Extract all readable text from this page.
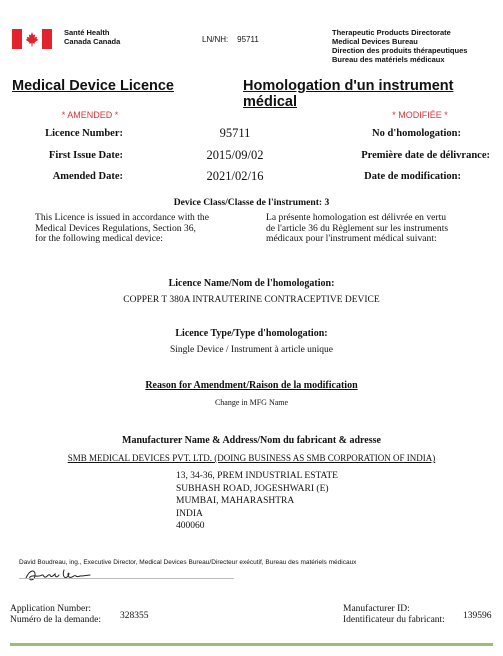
Santé Health
Canada Canada	LN/NH: 95711
Therapeutic Products Directorate
Medical Devices Bureau
Direction des produits thérapeutiques
Bureau des matériels médicaux
Medical Device Licence	Homologation d'un instrument médical
* AMENDED *	* MODIFIÉE *
Licence Number:	95711	No d'homologation:
First Issue Date:	2015/09/02	Première date de délivrance:
Amended Date:	2021/02/16	Date de modification:
Device Class/Classe de l'instrument: 3
This Licence is issued in accordance with the
Medical Devices Regulations, Section 36,
for the following medical device:
La présente homologation est délivrée en vertu
de l'article 36 du Règlement sur les instruments
médicaux pour l'instrument médical suivant:
Licence Name/Nom de l'homologation:
COPPER T 380A INTRAUTERINE CONTRACEPTIVE DEVICE
Licence Type/Type d'homologation:
Single Device / Instrument à article unique
Reason for Amendment/Raison de la modification
Change in MFG Name
Manufacturer Name & Address/Nom du fabricant & adresse
SMB MEDICAL DEVICES PVT. LTD. (DOING BUSINESS AS SMB CORPORATION OF INDIA)
13, 34-36, PREM INDUSTRIAL ESTATE
SUBHASH ROAD, JOGESHWARI (E)
MUMBAI, MAHARASHTRA
INDIA
400060
David Boudreau, ing., Executive Director, Medical Devices Bureau/Directeur exécutif, Bureau des matériels médicaux
Application Number:
Numéro de la demande: 328355
Manufacturer ID:
Identificateur du fabricant: 139596
